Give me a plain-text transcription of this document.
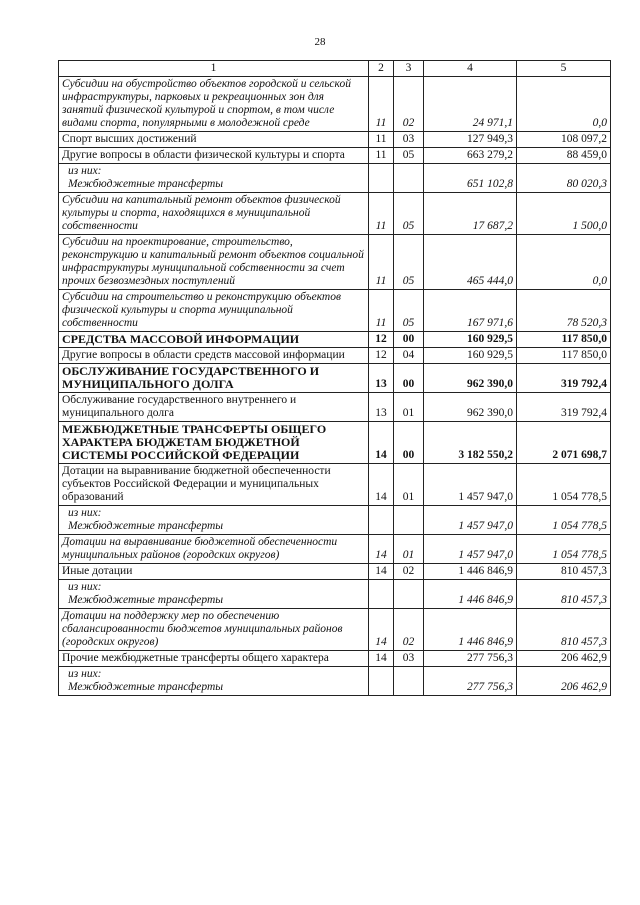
28
1	2	3	4	5
Субсидии на обустройство объектов городской и сельской инфраструктуры, парковых и рекреационных зон для занятий физической культурой и спортом, в том числе видами спорта, популярными в молодежной среде	11	02	24 971,1	0,0
Спорт высших достижений	11	03	127 949,3	108 097,2
Другие вопросы в области физической культуры и спорта	11	05	663 279,2	88 459,0

из них:
Межбюджетные трансферты			651 102,8	80 020,3
Субсидии на капитальный ремонт объектов физической культуры и спорта, находящихся в муниципальной собственности	11	05	17 687,2	1 500,0
Субсидии на проектирование, строительство, реконструкцию и капитальный ремонт объектов социальной инфраструктуры муниципальной собственности за счет прочих безвозмездных поступлений	11	05	465 444,0	0,0
Субсидии на строительство и реконструкцию объектов физической культуры и спорта муниципальной собственности	11	05	167 971,6	78 520,3
СРЕДСТВА МАССОВОЙ ИНФОРМАЦИИ	12	00	160 929,5	117 850,0
Другие вопросы в области средств массовой информации	12	04	160 929,5	117 850,0
ОБСЛУЖИВАНИЕ ГОСУДАРСТВЕННОГО И МУНИЦИПАЛЬНОГО ДОЛГА	13	00	962 390,0	319 792,4
Обслуживание государственного внутреннего и муниципального долга	13	01	962 390,0	319 792,4
МЕЖБЮДЖЕТНЫЕ ТРАНСФЕРТЫ ОБЩЕГО ХАРАКТЕРА БЮДЖЕТАМ БЮДЖЕТНОЙ СИСТЕМЫ РОССИЙСКОЙ ФЕДЕРАЦИИ	14	00	3 182 550,2	2 071 698,7
Дотации на выравнивание бюджетной обеспеченности субъектов Российской Федерации и муниципальных образований	14	01	1 457 947,0	1 054 778,5

из них:
Межбюджетные трансферты			1 457 947,0	1 054 778,5
Дотации на выравнивание бюджетной обеспеченности муниципальных районов (городских округов)	14	01	1 457 947,0	1 054 778,5
Иные дотации	14	02	1 446 846,9	810 457,3

из них:
Межбюджетные трансферты			1 446 846,9	810 457,3
Дотации на поддержку мер по обеспечению сбалансированности бюджетов муниципальных районов (городских округов)	14	02	1 446 846,9	810 457,3
Прочие межбюджетные трансферты общего характера	14	03	277 756,3	206 462,9

из них:
Межбюджетные трансферты			277 756,3	206 462,9
